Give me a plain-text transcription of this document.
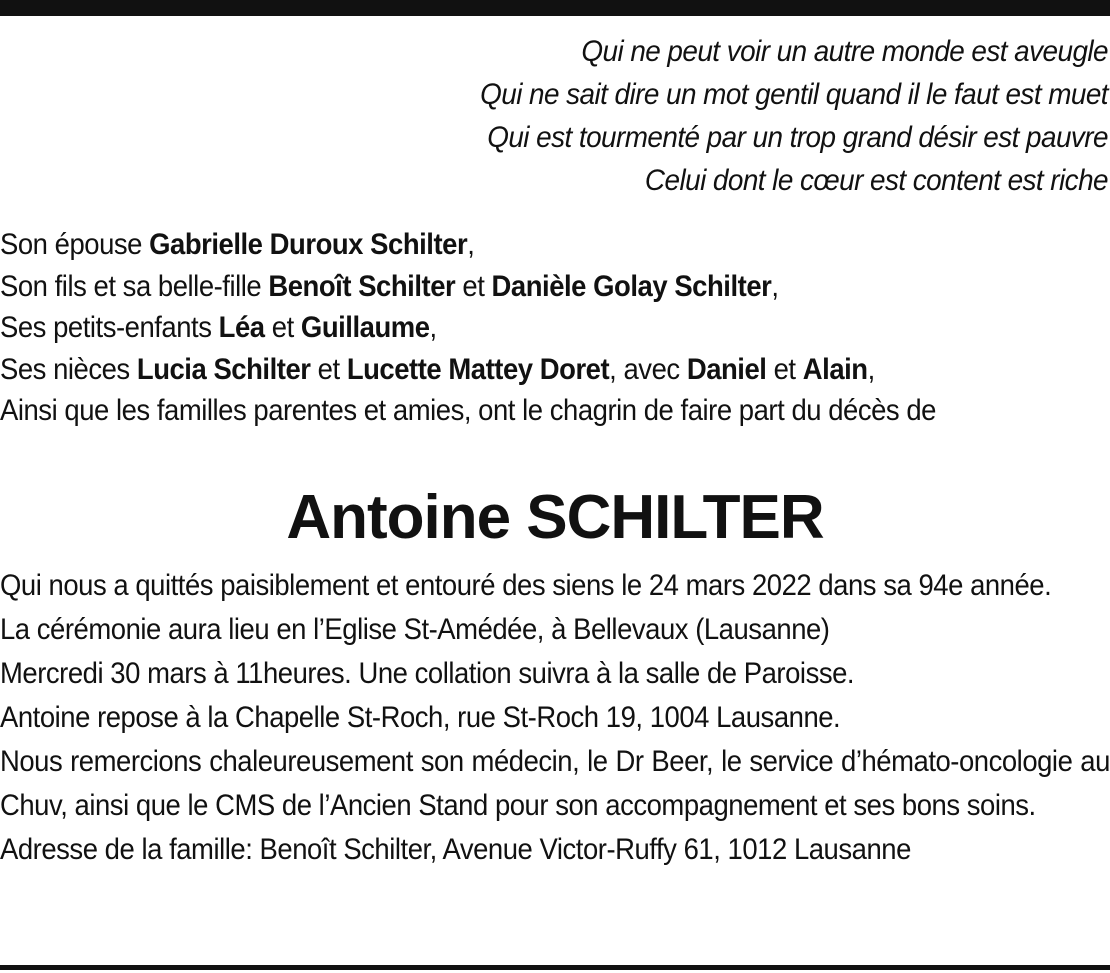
Qui ne peut voir un autre monde est aveugle
Qui ne sait dire un mot gentil quand il le faut est muet
Qui est tourmenté par un trop grand désir est pauvre
Celui dont le cœur est content est riche
Son épouse Gabrielle Duroux Schilter,
Son fils et sa belle-fille Benoît Schilter et Danièle Golay Schilter,
Ses petits-enfants Léa et Guillaume,
Ses nièces Lucia Schilter et Lucette Mattey Doret, avec Daniel et Alain,
Ainsi que les familles parentes et amies, ont le chagrin de faire part du décès de
Antoine SCHILTER
Qui nous a quittés paisiblement et entouré des siens le 24 mars 2022 dans sa 94e année.
La cérémonie aura lieu en l’Eglise St-Amédée, à Bellevaux (Lausanne)
Mercredi 30 mars à 11heures. Une collation suivra à la salle de Paroisse.
Antoine repose à la Chapelle St-Roch, rue St-Roch 19, 1004 Lausanne.
Nous remercions chaleureusement son médecin, le Dr Beer, le service d’hémato-oncologie au Chuv, ainsi que le CMS de l’Ancien Stand pour son accompagnement et ses bons soins.
Adresse de la famille: Benoît Schilter, Avenue Victor-Ruffy 61, 1012 Lausanne
